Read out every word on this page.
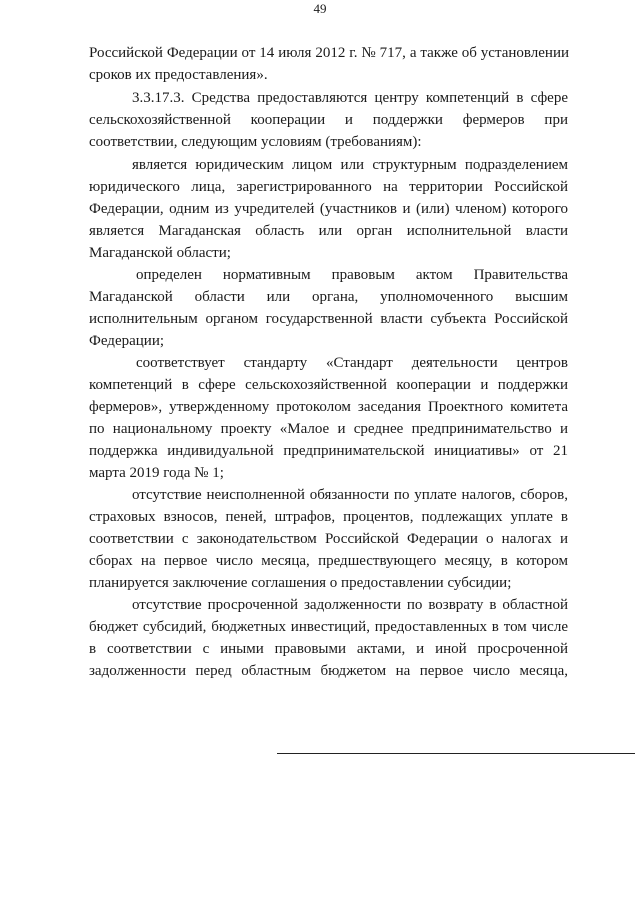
49
Российской Федерации от 14 июля 2012 г. № 717, а также об установлении
сроков их предоставления».
3.3.17.3. Средства предоставляются центру компетенций в сфере
сельскохозяйственной кооперации и поддержки фермеров при
соответствии, следующим условиям (требованиям):
является юридическим лицом или структурным подразделением
юридического лица, зарегистрированного на территории Российской
Федерации, одним из учредителей (участников и (или) членом) которого
является Магаданская область или орган исполнительной власти
Магаданской области;
определен нормативным правовым актом Правительства
Магаданской области или органа, уполномоченного высшим
исполнительным органом государственной власти субъекта Российской
Федерации;
соответствует стандарту «Стандарт деятельности центров
компетенций в сфере сельскохозяйственной кооперации и поддержки
фермеров», утвержденному протоколом заседания Проектного комитета
по национальному проекту «Малое и среднее предпринимательство и
поддержка индивидуальной предпринимательской инициативы» от 21
марта 2019 года № 1;
отсутствие неисполненной обязанности по уплате налогов, сборов,
страховых взносов, пеней, штрафов, процентов, подлежащих уплате в
соответствии с законодательством Российской Федерации о налогах и
сборах на первое число месяца, предшествующего месяцу, в котором
планируется заключение соглашения о предоставлении субсидии;
отсутствие просроченной задолженности по возврату в областной
бюджет субсидий, бюджетных инвестиций, предоставленных в том числе
в соответствии с иными правовыми актами, и иной просроченной
задолженности перед областным бюджетом на первое число месяца,
